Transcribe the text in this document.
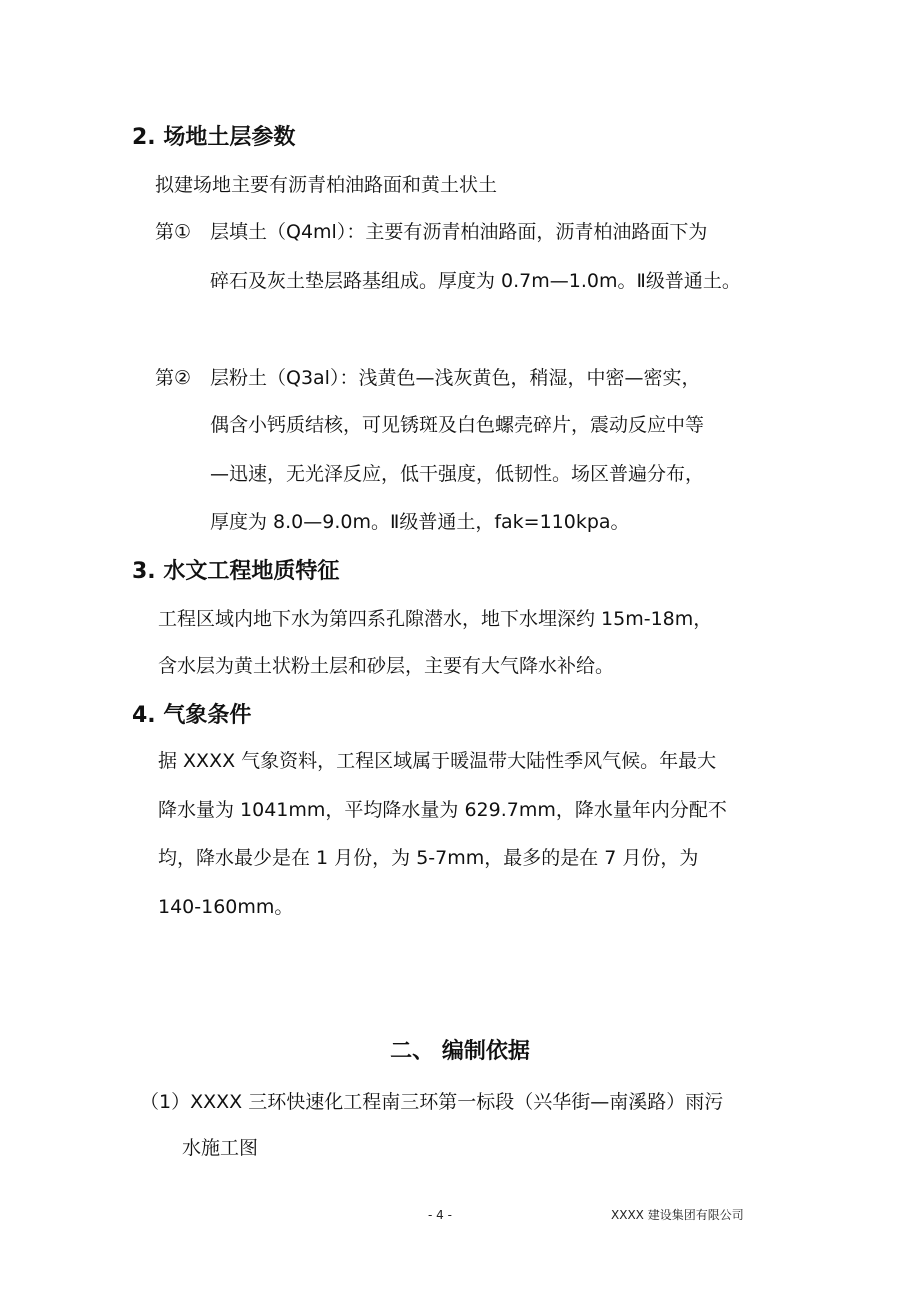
2. 场地土层参数
拟建场地主要有沥青柏油路面和黄土状土
第① 层填土（Q4ml）：主要有沥青柏油路面，沥青柏油路面下为
碎石及灰土垫层路基组成。厚度为 0.7m—1.0m。Ⅱ级普通土。
第② 层粉土（Q3al）：浅黄色—浅灰黄色，稍湿，中密—密实，
偶含小钙质结核，可见锈斑及白色螺壳碎片，震动反应中等
—迅速，无光泽反应，低干强度，低韧性。场区普遍分布，
厚度为 8.0—9.0m。Ⅱ级普通土，fak=110kpa。
3. 水文工程地质特征
工程区域内地下水为第四系孔隙潜水，地下水埋深约 15m-18m，
含水层为黄土状粉土层和砂层，主要有大气降水补给。
4. 气象条件
据 XXXX 气象资料，工程区域属于暖温带大陆性季风气候。年最大
降水量为 1041mm，平均降水量为 629.7mm，降水量年内分配不
均，降水最少是在 1 月份，为 5-7mm，最多的是在 7 月份，为
140-160mm。
二、 编制依据
（1）XXXX 三环快速化工程南三环第一标段（兴华街—南溪路）雨污
水施工图
- 4 -	XXXX 建设集团有限公司
